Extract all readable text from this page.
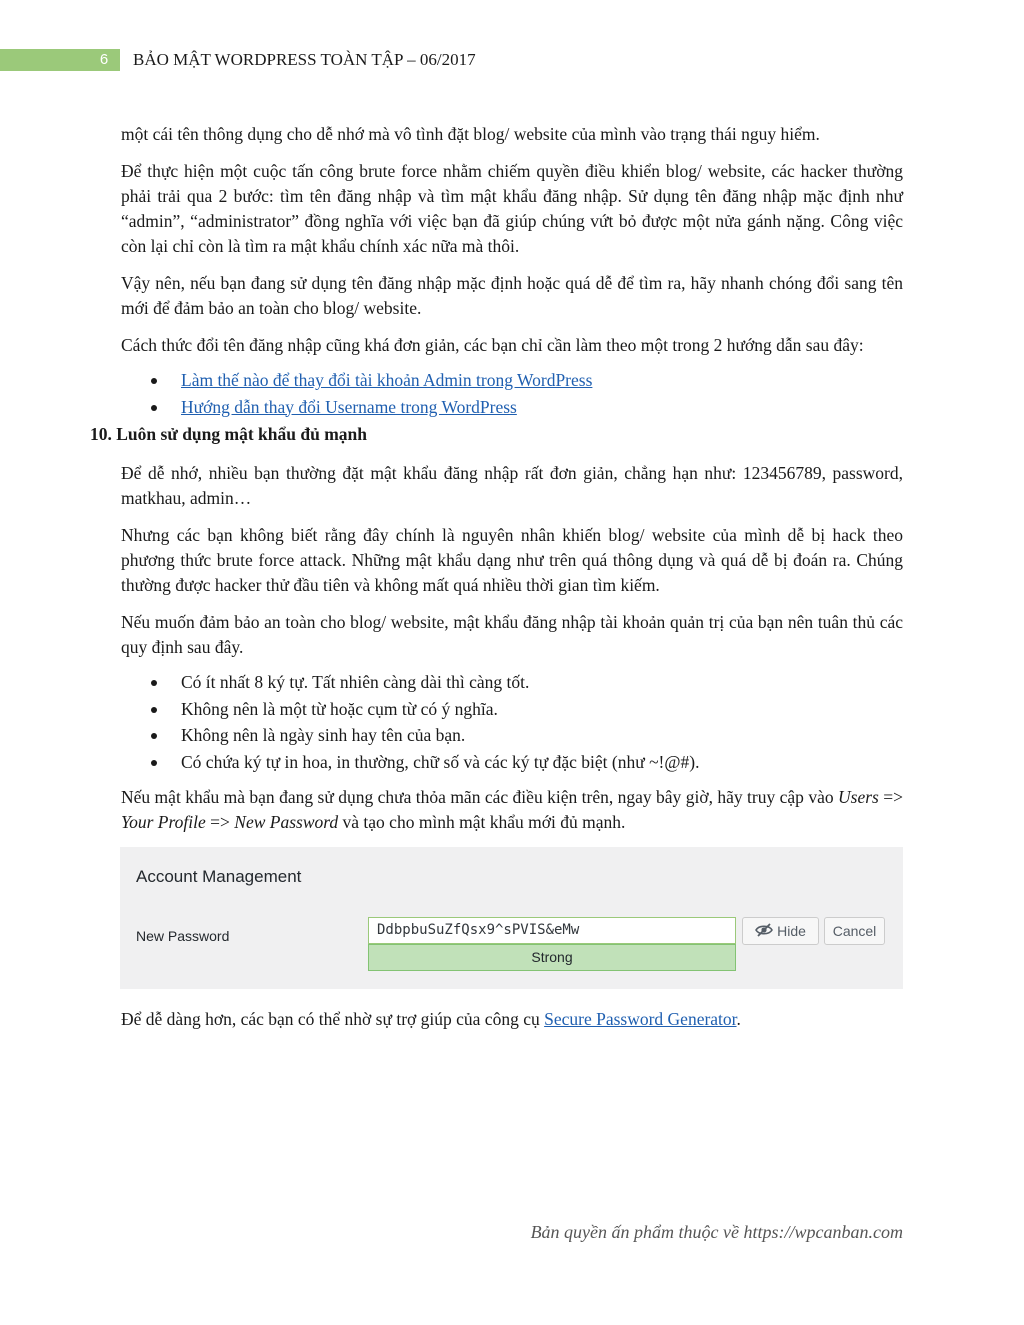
6	BẢO MẬT WORDPRESS TOÀN TẬP – 06/2017

một cái tên thông dụng cho dễ nhớ mà vô tình đặt blog/ website của mình vào trạng thái nguy hiểm.

Để thực hiện một cuộc tấn công brute force nhằm chiếm quyền điều khiển blog/ website, các hacker thường phải trải qua 2 bước: tìm tên đăng nhập và tìm mật khẩu đăng nhập. Sử dụng tên đăng nhập mặc định như “admin”, “administrator” đồng nghĩa với việc bạn đã giúp chúng vứt bỏ được một nửa gánh nặng. Công việc còn lại chỉ còn là tìm ra mật khẩu chính xác nữa mà thôi.

Vậy nên, nếu bạn đang sử dụng tên đăng nhập mặc định hoặc quá dễ để tìm ra, hãy nhanh chóng đổi sang tên mới để đảm bảo an toàn cho blog/ website.

Cách thức đổi tên đăng nhập cũng khá đơn giản, các bạn chỉ cần làm theo một trong 2 hướng dẫn sau đây:

Làm thế nào để thay đổi tài khoản Admin trong WordPress
Hướng dẫn thay đổi Username trong WordPress
10. Luôn sử dụng mật khẩu đủ mạnh

Để dễ nhớ, nhiều bạn thường đặt mật khẩu đăng nhập rất đơn giản, chẳng hạn như: 123456789, password, matkhau, admin…

Nhưng các bạn không biết rằng đây chính là nguyên nhân khiến blog/ website của mình dễ bị hack theo phương thức brute force attack. Những mật khẩu dạng như trên quá thông dụng và quá dễ bị đoán ra. Chúng thường được hacker thử đầu tiên và không mất quá nhiều thời gian tìm kiếm.

Nếu muốn đảm bảo an toàn cho blog/ website, mật khẩu đăng nhập tài khoản quản trị của bạn nên tuân thủ các quy định sau đây.

Có ít nhất 8 ký tự. Tất nhiên càng dài thì càng tốt.
Không nên là một từ hoặc cụm từ có ý nghĩa.
Không nên là ngày sinh hay tên của bạn.
Có chứa ký tự in hoa, in thường, chữ số và các ký tự đặc biệt (như ~!@#).

Nếu mật khẩu mà bạn đang sử dụng chưa thỏa mãn các điều kiện trên, ngay bây giờ, hãy truy cập vào Users => Your Profile => New Password và tạo cho mình mật khẩu mới đủ mạnh.

Account Management
New Password	DdbpbuSuZfQsx9^sPVIS&eMw
Strong
Hide	Cancel

Để dễ dàng hơn, các bạn có thể nhờ sự trợ giúp của công cụ Secure Password Generator.

Bản quyền ấn phẩm thuộc về https://wpcanban.com
